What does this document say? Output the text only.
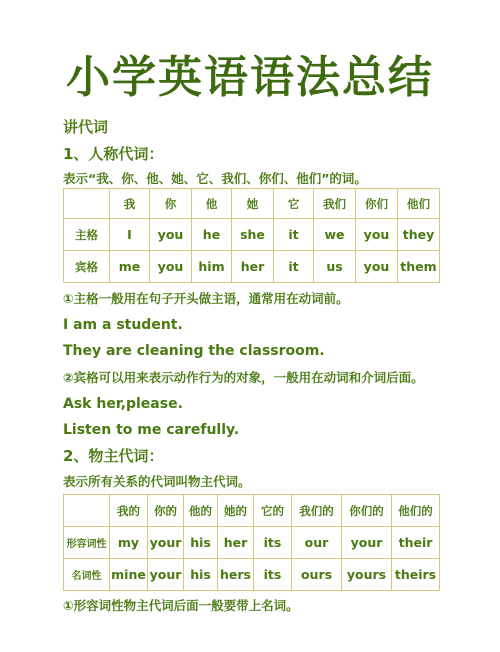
小学英语语法总结
讲代词
1、人称代词：
表示“我、你、他、她、它、我们、你们、他们”的词。
	我	你	他	她	它	我们	你们	他们
主格	I	you	he	she	it	we	you	they
宾格	me	you	him	her	it	us	you	them
①主格一般用在句子开头做主语，通常用在动词前。
I am a student.
They are cleaning the classroom.
②宾格可以用来表示动作行为的对象，一般用在动词和介词后面。
Ask her,please.
Listen to me carefully.
2、物主代词：
表示所有关系的代词叫物主代词。
	我的	你的	他的	她的	它的	我们的	你们的	他们的
形容词性	my	your	his	her	its	our	your	their
名词性	mine	your	his	hers	its	ours	yours	theirs
①形容词性物主代词后面一般要带上名词。
